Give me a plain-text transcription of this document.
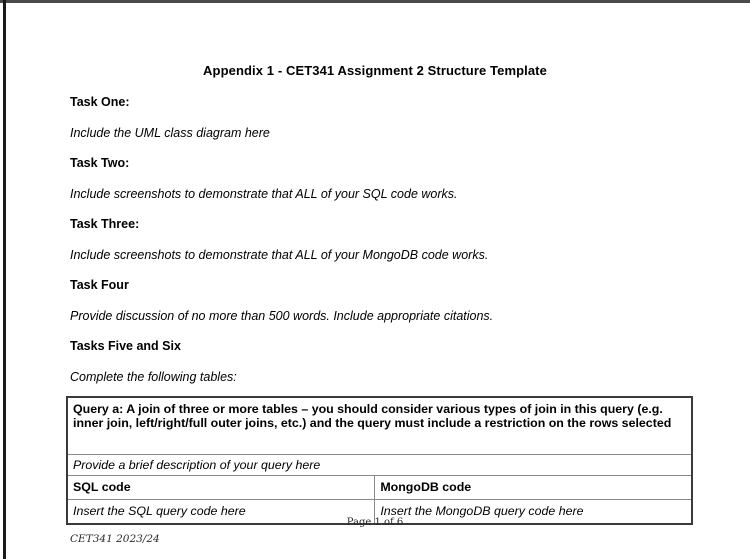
Appendix 1 - CET341 Assignment 2 Structure Template
Task One:
Include the UML class diagram here
Task Two:
Include screenshots to demonstrate that ALL of your SQL code works.
Task Three:
Include screenshots to demonstrate that ALL of your MongoDB code works.
Task Four
Provide discussion of no more than 500 words. Include appropriate citations.
Tasks Five and Six
Complete the following tables:
Query a: A join of three or more tables – you should consider various types of join in this query (e.g. inner join, left/right/full outer joins, etc.) and the query must include a restriction on the rows selected	

Provide a brief description of your query here	

SQL code	MongoDB code

Insert the SQL query code here	Insert the MongoDB query code here
Page 1 of 6
CET341 2023/24
